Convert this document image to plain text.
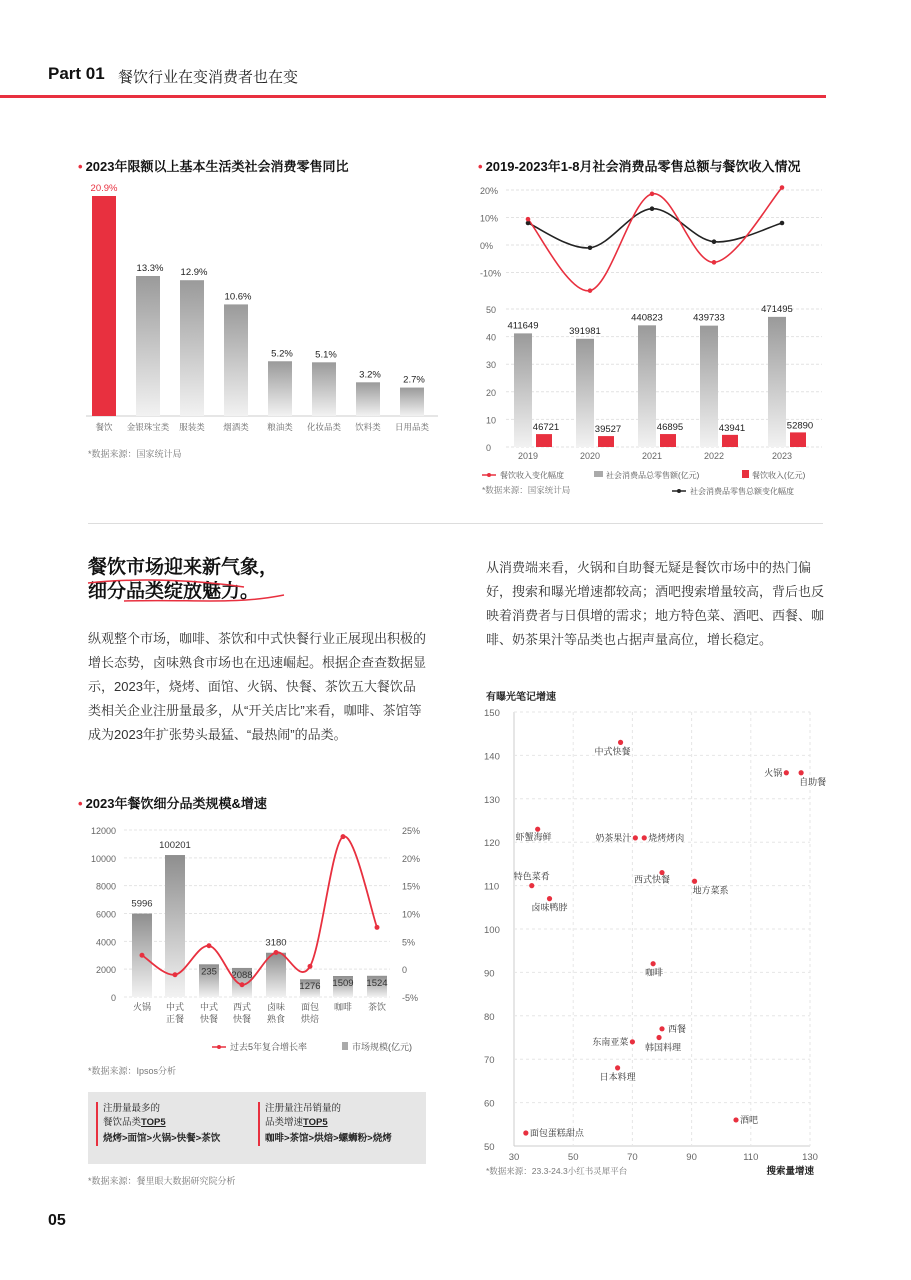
Part 01 餐饮行业在变消费者也在变
• 2023年限额以上基本生活类社会消费零售同比
20.9%
餐饮
13.3%
金银珠宝类
12.9%
服装类
10.6%
烟酒类
5.2%
粮油类
5.1%
化妆品类
3.2%
饮料类
2.7%
日用品类
*数据来源：国家统计局
• 2019-2023年1-8月社会消费品零售总额与餐饮收入情况
20%
10%
0%
-10%
50
40
30
20
10
0
411649
46721
2019
391981
39527
2020
440823
46895
2021
439733
43941
2022
471495
52890
2023
餐饮收入变化幅度	社会消费品总零售额(亿元)	餐饮收入(亿元)
*数据来源：国家统计局	社会消费品零售总额变化幅度
餐饮市场迎来新气象，
细分品类绽放魅力。
纵观整个市场，咖啡、茶饮和中式快餐行业正展现出积极的增长态势，卤味熟食市场也在迅速崛起。根据企查查数据显示，2023年，烧烤、面馆、火锅、快餐、茶饮五大餐饮品类相关企业注册量最多，从“开关店比”来看，咖啡、茶馆等成为2023年扩张势头最猛、“最热闹”的品类。
从消费端来看，火锅和自助餐无疑是餐饮市场中的热门偏好，搜索和曝光增速都较高；酒吧搜索增量较高，背后也反映着消费者与日俱增的需求；地方特色菜、酒吧、西餐、咖啡、奶茶果汁等品类也占据声量高位，增长稳定。
• 2023年餐饮细分品类规模&增速
12000	25%
10000	20%
8000	15%
6000	10%
4000	5%
2000	0
0	-5%
5996
100201
235 2088
3180
1276 1509 1524
火锅 中式
正餐
中式
快餐
西式
快餐
卤味
熟食
面包
烘焙
咖啡 茶饮
过去5年复合增长率	市场规模(亿元)
*数据来源：Ipsos分析
注册量最多的
餐饮品类TOP5
烧烤>面馆>火锅>快餐>茶饮
注册量注吊销量的
品类增速TOP5
咖啡>茶馆>烘焙>螺蛳粉>烧烤
*数据来源：餐里眼大数据研究院分析
有曝光笔记增速
150
140
130
120
110
100
90
80
70
60
50
30	50	70	90	110	130
搜索量增速
中式快餐
火锅
自助餐
虾蟹海鲜	奶茶果汁 烧烤烤肉
特色菜肴	西式快餐
地方菜系
卤味鸭脖
咖啡
西餐
韩国料理
东南亚菜
日本料理
酒吧
面包蛋糕甜点
*数据来源：23.3-24.3小红书灵犀平台
05
